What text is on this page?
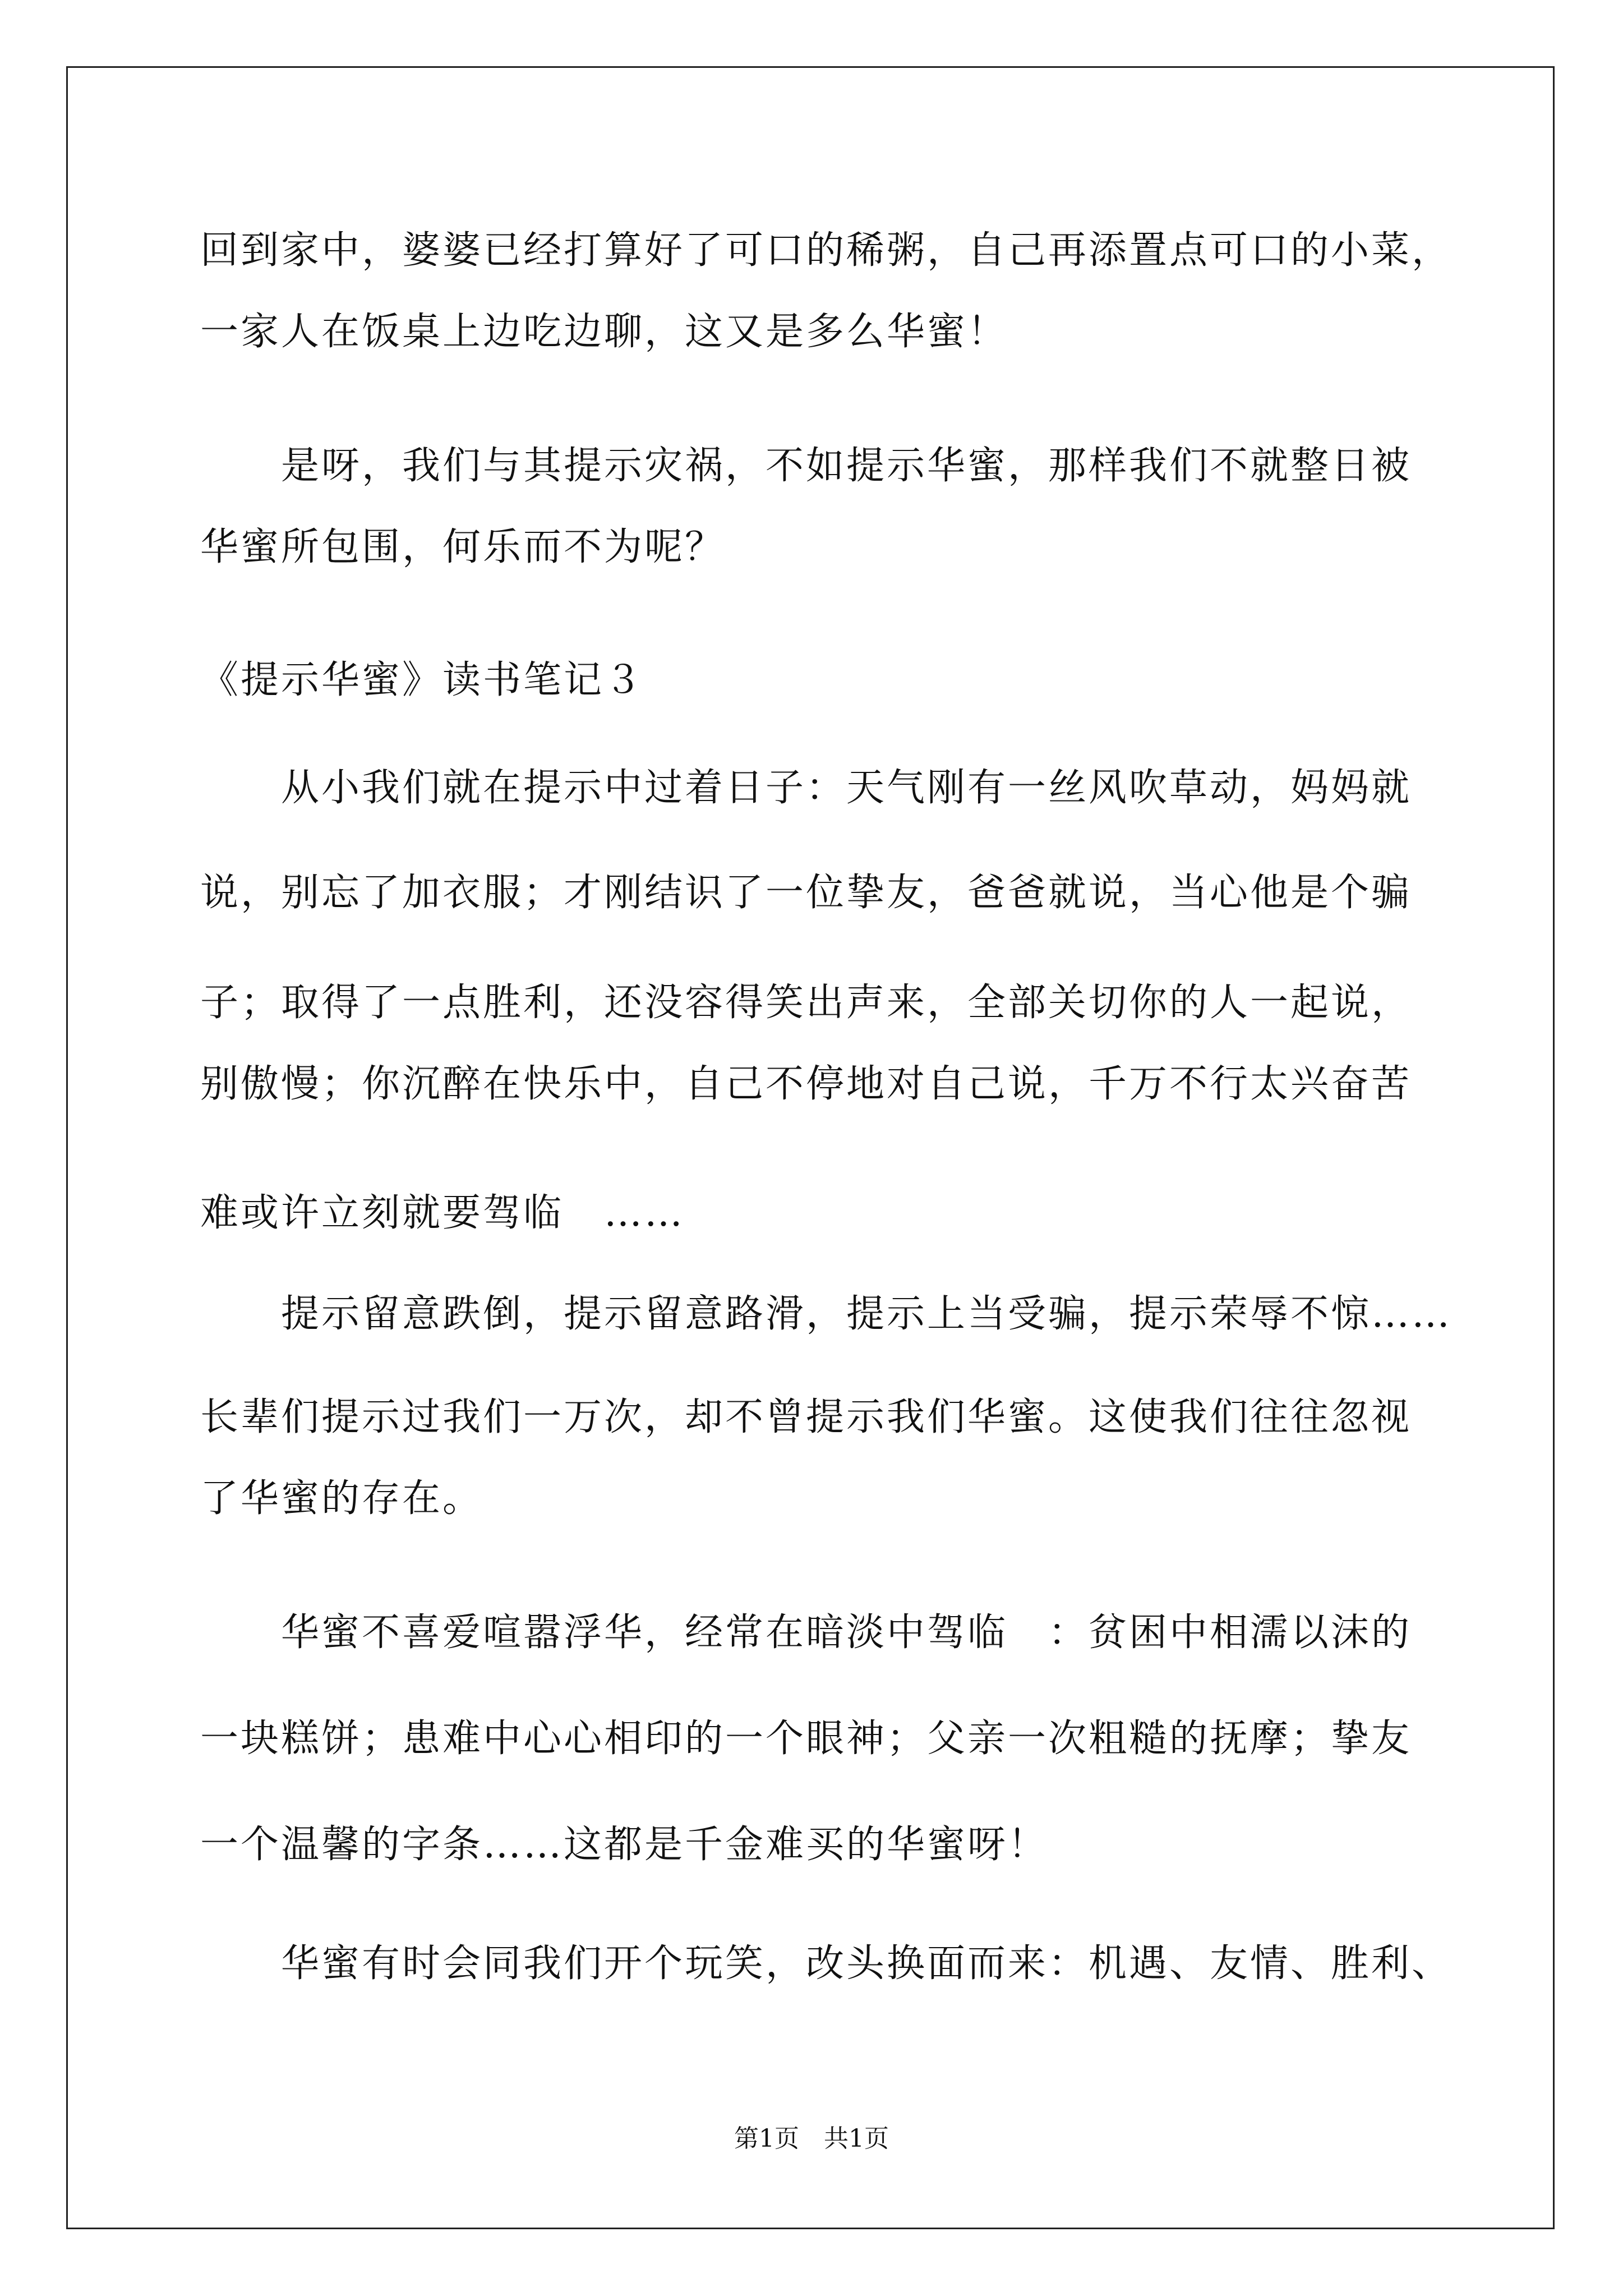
回到家中，婆婆已经打算好了可口的稀粥，自己再添置点可口的小菜，
一家人在饭桌上边吃边聊，这又是多么华蜜！
　　是呀，我们与其提示灾祸，不如提示华蜜，那样我们不就整日被
华蜜所包围，何乐而不为呢？
《提示华蜜》读书笔记３
　　从小我们就在提示中过着日子：天气刚有一丝风吹草动，妈妈就
说，别忘了加衣服；才刚结识了一位挚友，爸爸就说，当心他是个骗
子；取得了一点胜利，还没容得笑出声来，全部关切你的人一起说，
别傲慢；你沉醉在快乐中，自己不停地对自己说，千万不行太兴奋苦
难或许立刻就要驾临　……
　　提示留意跌倒，提示留意路滑，提示上当受骗，提示荣辱不惊……
长辈们提示过我们一万次，却不曾提示我们华蜜。这使我们往往忽视
了华蜜的存在。
　　华蜜不喜爱喧嚣浮华，经常在暗淡中驾临　：贫困中相濡以沫的
一块糕饼；患难中心心相印的一个眼神；父亲一次粗糙的抚摩；挚友
一个温馨的字条……这都是千金难买的华蜜呀！
　　华蜜有时会同我们开个玩笑，改头换面而来：机遇、友情、胜利、
第1页　共1页
